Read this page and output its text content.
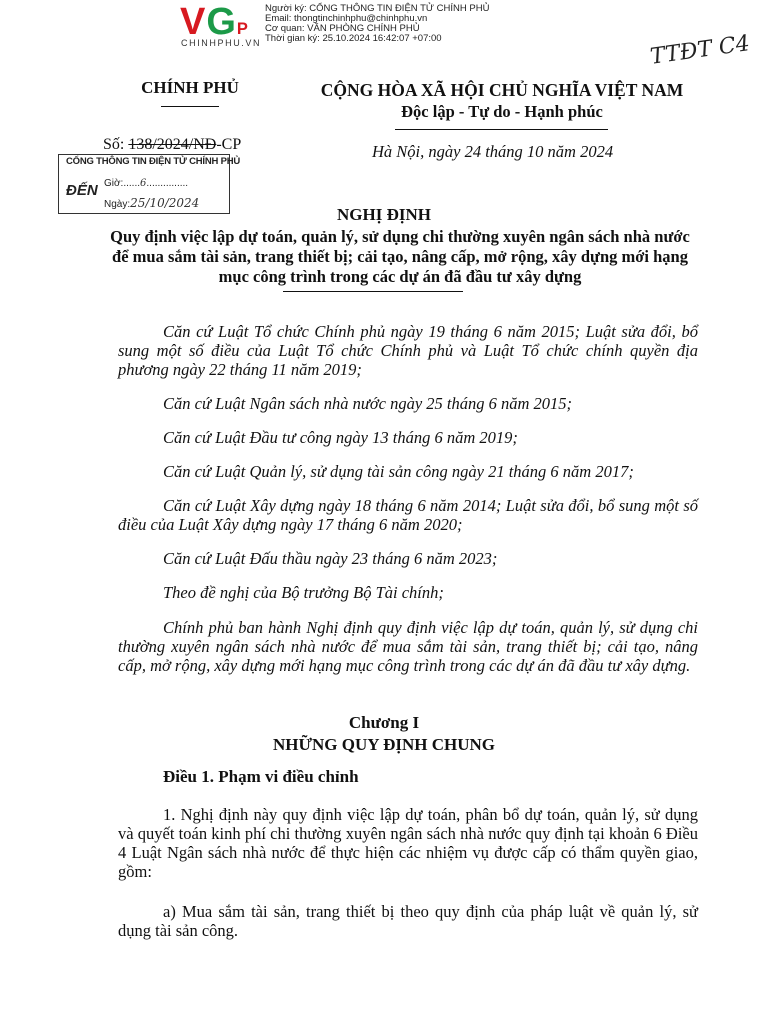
VGP
CHINHPHU.VN
Người ký: CỔNG THÔNG TIN ĐIỆN TỬ CHÍNH PHỦ
Email: thongtinchinhphu@chinhphu.vn
Cơ quan: VĂN PHÒNG CHÍNH PHỦ
Thời gian ký: 25.10.2024 16:42:07 +07:00	TTĐT C4
CHÍNH PHỦ	CỘNG HÒA XÃ HỘI CHỦ NGHĨA VIỆT NAM
Độc lập - Tự do - Hạnh phúc
Số: 138/2024/NĐ-CP	Hà Nội, ngày 24 tháng 10 năm 2024
CỔNG THÔNG TIN ĐIỆN TỬ CHÍNH PHỦ
ĐẾN Giờ:......6...............
Ngày:25/10/2024
NGHỊ ĐỊNH
Quy định việc lập dự toán, quản lý, sử dụng chi thường xuyên ngân sách nhà nước để mua sắm tài sản, trang thiết bị; cải tạo, nâng cấp, mở rộng, xây dựng mới hạng mục công trình trong các dự án đã đầu tư xây dựng
Căn cứ Luật Tổ chức Chính phủ ngày 19 tháng 6 năm 2015; Luật sửa đổi, bổ sung một số điều của Luật Tổ chức Chính phủ và Luật Tổ chức chính quyền địa phương ngày 22 tháng 11 năm 2019;
Căn cứ Luật Ngân sách nhà nước ngày 25 tháng 6 năm 2015;
Căn cứ Luật Đầu tư công ngày 13 tháng 6 năm 2019;
Căn cứ Luật Quản lý, sử dụng tài sản công ngày 21 tháng 6 năm 2017;
Căn cứ Luật Xây dựng ngày 18 tháng 6 năm 2014; Luật sửa đổi, bổ sung một số điều của Luật Xây dựng ngày 17 tháng 6 năm 2020;
Căn cứ Luật Đấu thầu ngày 23 tháng 6 năm 2023;
Theo đề nghị của Bộ trưởng Bộ Tài chính;
Chính phủ ban hành Nghị định quy định việc lập dự toán, quản lý, sử dụng chi thường xuyên ngân sách nhà nước để mua sắm tài sản, trang thiết bị; cải tạo, nâng cấp, mở rộng, xây dựng mới hạng mục công trình trong các dự án đã đầu tư xây dựng.
Chương I
NHỮNG QUY ĐỊNH CHUNG
Điều 1. Phạm vi điều chỉnh
1. Nghị định này quy định việc lập dự toán, phân bổ dự toán, quản lý, sử dụng và quyết toán kinh phí chi thường xuyên ngân sách nhà nước quy định tại khoản 6 Điều 4 Luật Ngân sách nhà nước để thực hiện các nhiệm vụ được cấp có thẩm quyền giao, gồm:
a) Mua sắm tài sản, trang thiết bị theo quy định của pháp luật về quản lý, sử dụng tài sản công.
